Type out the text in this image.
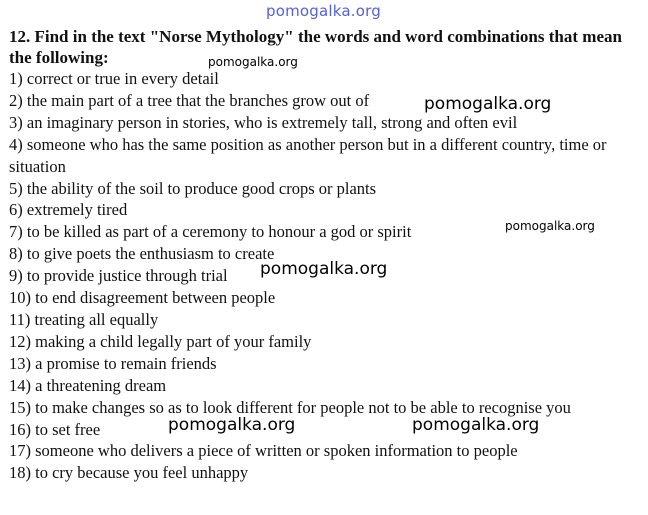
pomogalka.org

12. Find in the text "Norse Mythology" the words and word combinations that mean the following:

1) correct or true in every detail
2) the main part of a tree that the branches grow out of
3) an imaginary person in stories, who is extremely tall, strong and often evil
4) someone who has the same position as another person but in a different country, time or situation
5) the ability of the soil to produce good crops or plants
6) extremely tired
7) to be killed as part of a ceremony to honour a god or spirit
8) to give poets the enthusiasm to create
9) to provide justice through trial
10) to end disagreement between people
11) treating all equally
12) making a child legally part of your family
13) a promise to remain friends
14) a threatening dream
15) to make changes so as to look different for people not to be able to recognise you
16) to set free
17) someone who delivers a piece of written or spoken information to people
18) to cry because you feel unhappy
pomogalka.org
pomogalka.org
pomogalka.org
pomogalka.org
pomogalka.org	pomogalka.org
